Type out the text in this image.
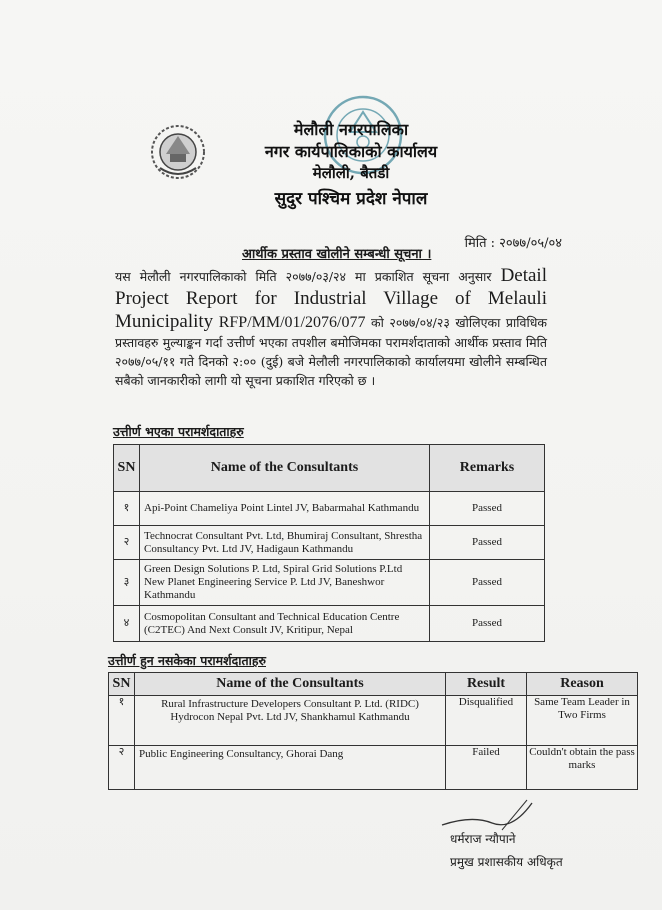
मेलौली नगरपालिका
नगर कार्यपालिकाको कार्यालय
मेलौली, बैतडी
सुदुर पश्चिम प्रदेश नेपाल
मिति : २०७७/०५/०४
आर्थीक प्रस्ताव खोलीने सम्बन्धी सूचना ।
यस मेलौली नगरपालिकाको मिति २०७७/०३/२४ मा प्रकाशित सूचना अनुसार Detail Project Report for Industrial Village of Melauli Municipality RFP/MM/01/2076/077 को २०७७/०४/२३ खोलिएका प्राविधिक प्रस्तावहरु मुल्याङ्कन गर्दा उत्तीर्ण भएका तपशील बमोजिमका परामर्शदाताको आर्थीक प्रस्ताव मिति २०७७/०५/११ गते दिनको २:०० (दुई) बजे मेलौली नगरपालिकाको कार्यालयमा खोलीने सम्बन्धित सबैको जानकारीको लागी यो सूचना प्रकाशित गरिएको छ ।
उत्तीर्ण भएका परामर्शदाताहरु
SN	Name of the Consultants	Remarks
१	Api-Point Chameliya Point Lintel JV, Babarmahal Kathmandu	Passed
२	Technocrat Consultant Pvt. Ltd, Bhumiraj Consultant, Shrestha Consultancy Pvt. Ltd JV, Hadigaun Kathmandu	Passed
३	Green Design Solutions P. Ltd, Spiral Grid Solutions P.Ltd New Planet Engineering Service P. Ltd JV, Baneshwor Kathmandu	Passed
४	Cosmopolitan Consultant and Technical Education Centre (C2TEC) And Next Consult JV, Kritipur, Nepal	Passed
उत्तीर्ण हुन नसकेका परामर्शदाताहरु
SN	Name of the Consultants	Result	Reason
१	Rural Infrastructure Developers Consultant P. Ltd. (RIDC) Hydrocon Nepal Pvt. Ltd JV, Shankhamul Kathmandu	Disqualified	Same Team Leader in Two Firms
२	Public Engineering Consultancy, Ghorai Dang	Failed	Couldn't obtain the pass marks
धर्मराज न्यौपाने
प्रमुख प्रशासकीय अधिकृत
